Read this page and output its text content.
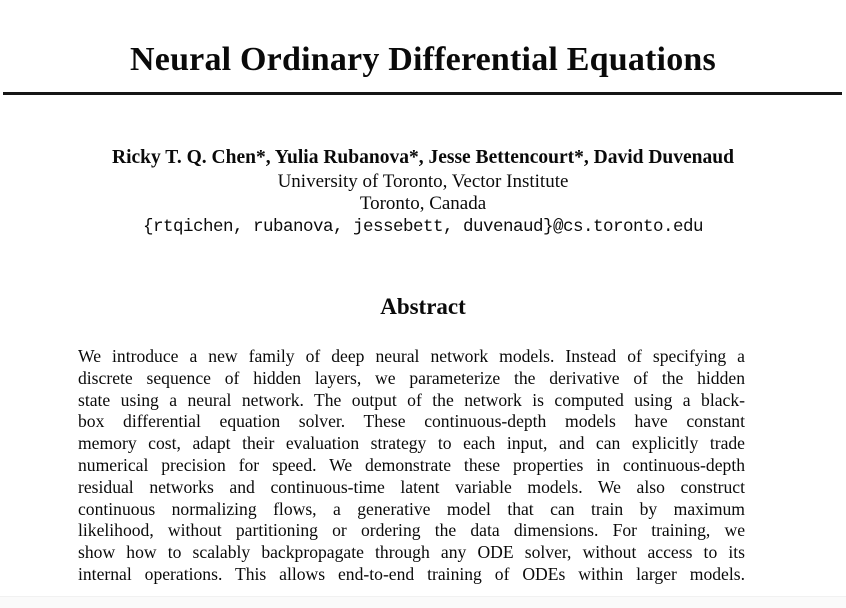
Neural Ordinary Differential Equations
Ricky T. Q. Chen*, Yulia Rubanova*, Jesse Bettencourt*, David Duvenaud
University of Toronto, Vector Institute
Toronto, Canada
{rtqichen, rubanova, jessebett, duvenaud}@cs.toronto.edu
Abstract
We introduce a new family of deep neural network models. Instead of specifying a
discrete sequence of hidden layers, we parameterize the derivative of the hidden
state using a neural network. The output of the network is computed using a black-
box differential equation solver. These continuous-depth models have constant
memory cost, adapt their evaluation strategy to each input, and can explicitly trade
numerical precision for speed. We demonstrate these properties in continuous-depth
residual networks and continuous-time latent variable models. We also construct
continuous normalizing flows, a generative model that can train by maximum
likelihood, without partitioning or ordering the data dimensions. For training, we
show how to scalably backpropagate through any ODE solver, without access to its
internal operations. This allows end-to-end training of ODEs within larger models.
